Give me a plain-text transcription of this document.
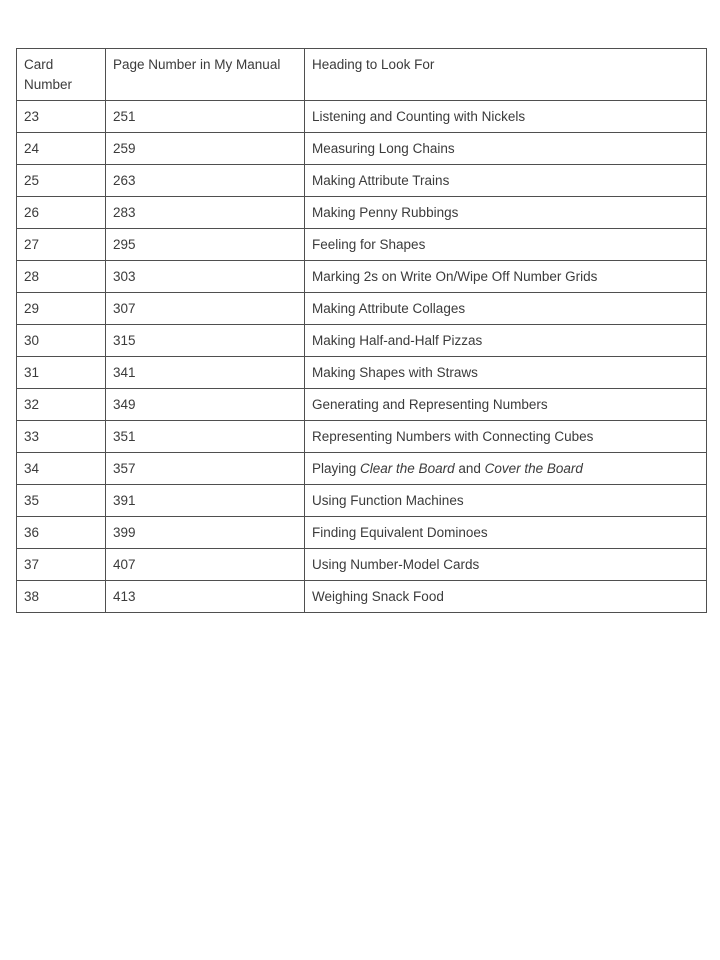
Card Number	Page Number in My Manual	Heading to Look For
23	251	Listening and Counting with Nickels
24	259	Measuring Long Chains
25	263	Making Attribute Trains
26	283	Making Penny Rubbings
27	295	Feeling for Shapes
28	303	Marking 2s on Write On/Wipe Off Number Grids
29	307	Making Attribute Collages
30	315	Making Half-and-Half Pizzas
31	341	Making Shapes with Straws
32	349	Generating and Representing Numbers
33	351	Representing Numbers with Connecting Cubes
34	357	Playing Clear the Board and Cover the Board
35	391	Using Function Machines
36	399	Finding Equivalent Dominoes
37	407	Using Number-Model Cards
38	413	Weighing Snack Food
